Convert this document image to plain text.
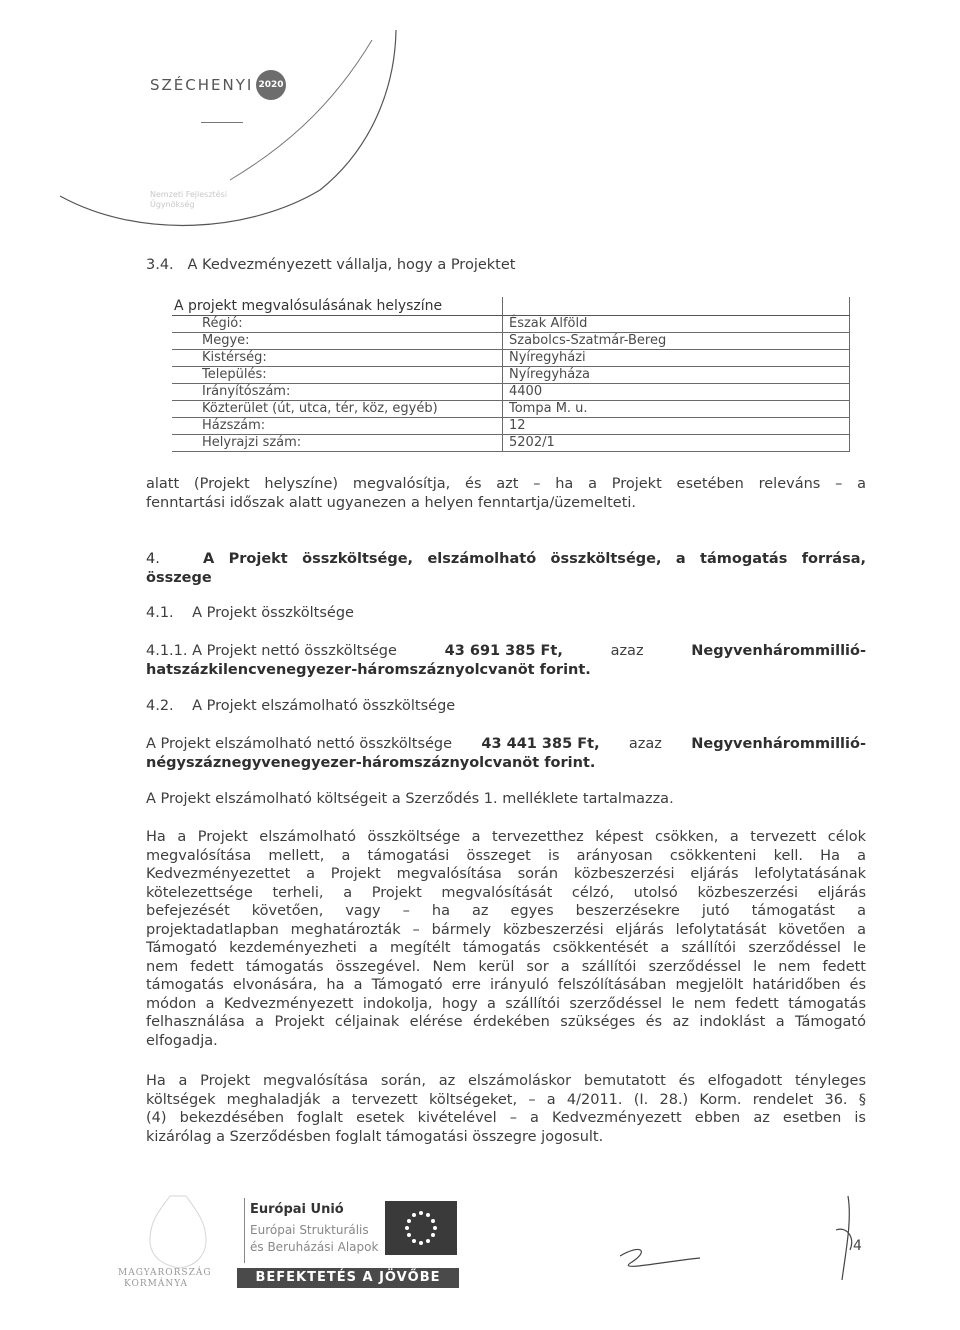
SZÉCHENYI 2020
Nemzeti Fejlesztési
Ügynökség
3.4. A Kedvezményezett vállalja, hogy a Projektet
A projekt megvalósulásának helyszíne	
Régió:	Észak Alföld
Megye:	Szabolcs-Szatmár-Bereg
Kistérség:	Nyíregyházi
Település:	Nyíregyháza
Irányítószám:	4400
Közterület (út, utca, tér, köz, egyéb)	Tompa M. u.
Házszám:	12
Helyrajzi szám:	5202/1
alatt (Projekt helyszíne) megvalósítja, és azt – ha a Projekt esetében releváns – a
fenntartási időszak alatt ugyanezen a helyen fenntartja/üzemelteti.
4.	A Projekt összköltsége, elszámolható összköltsége, a támogatás forrása,
összege
4.1. A Projekt összköltsége
4.1.1. A Projekt nettó összköltsége	43 691 385 Ft,	azaz	Negyvenhárommillió-
hatszázkilencvenegyezer-háromszáznyolcvanöt forint.
4.2. A Projekt elszámolható összköltsége
A Projekt elszámolható nettó összköltsége 43 441 385 Ft, azaz Negyvenhárommillió-
négyszáznegyvenegyezer-háromszáznyolcvanöt forint.
A Projekt elszámolható költségeit a Szerződés 1. melléklete tartalmazza.
Ha a Projekt elszámolható összköltsége a tervezetthez képest csökken, a tervezett célok
megvalósítása mellett, a támogatási összeget is arányosan csökkenteni kell. Ha a
Kedvezményezettet a Projekt megvalósítása során közbeszerzési eljárás lefolytatásának
kötelezettsége terheli, a Projekt megvalósítását célzó, utolsó közbeszerzési eljárás
befejezését követően, vagy – ha az egyes beszerzésekre jutó támogatást a
projektadatlapban meghatározták – bármely közbeszerzési eljárás lefolytatását követően a
Támogató kezdeményezheti a megítélt támogatás csökkentését a szállítói szerződéssel le
nem fedett támogatás összegével. Nem kerül sor a szállítói szerződéssel le nem fedett
támogatás elvonására, ha a Támogató erre irányuló felszólításában megjelölt határidőben és
módon a Kedvezményezett indokolja, hogy a szállítói szerződéssel le nem fedett támogatás
felhasználása a Projekt céljainak elérése érdekében szükséges és az indoklást a Támogató
elfogadja.
Ha a Projekt megvalósítása során, az elszámoláskor bemutatott és elfogadott tényleges
költségek meghaladják a tervezett költségeket, – a 4/2011. (I. 28.) Korm. rendelet 36. §
(4) bekezdésében foglalt esetek kivételével – a Kedvezményezett ebben az esetben is
kizárólag a Szerződésben foglalt támogatási összegre jogosult.
MAGYARORSZÁG
KORMÁNYA
Európai Unió
Európai Strukturális
és Beruházási Alapok
BEFEKTETÉS A JÖVŐBE
4
